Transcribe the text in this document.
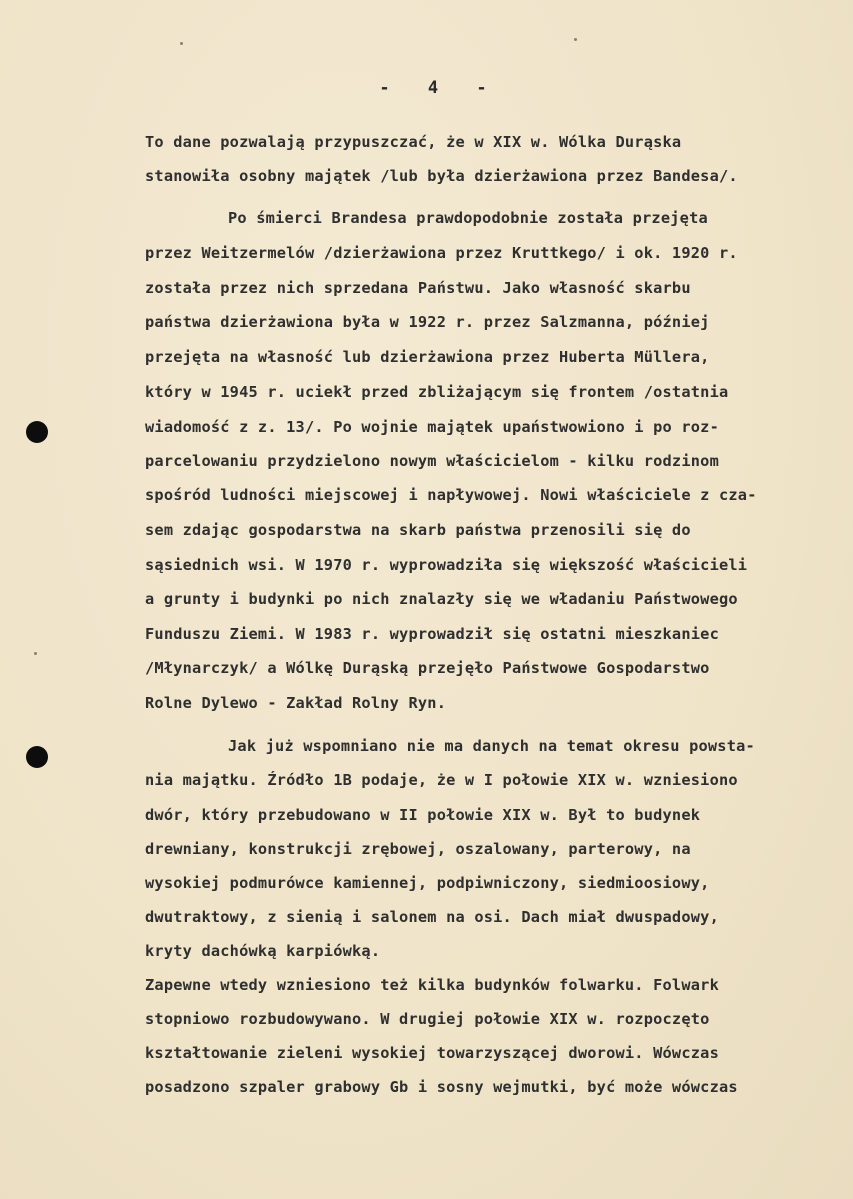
- 4 -
To dane pozwalają przypuszczać, że w XIX w. Wólka Durąska
stanowiła osobny majątek /lub była dzierżawiona przez Bandesa/.
Po śmierci Brandesa prawdopodobnie została przejęta
przez Weitzermelów /dzierżawiona przez Kruttkego/ i ok. 1920 r.
została przez nich sprzedana Państwu. Jako własność skarbu
państwa dzierżawiona była w 1922 r. przez Salzmanna, później
przejęta na własność lub dzierżawiona przez Huberta Müllera,
który w 1945 r. uciekł przed zbliżającym się frontem /ostatnia
wiadomość z z. 13/. Po wojnie majątek upaństwowiono i po roz-
parcelowaniu przydzielono nowym właścicielom - kilku rodzinom
spośród ludności miejscowej i napływowej. Nowi właściciele z cza-
sem zdając gospodarstwa na skarb państwa przenosili się do
sąsiednich wsi. W 1970 r. wyprowadziła się większość właścicieli
a grunty i budynki po nich znalazły się we władaniu Państwowego
Funduszu Ziemi. W 1983 r. wyprowadził się ostatni mieszkaniec
/Młynarczyk/ a Wólkę Durąską przejęło Państwowe Gospodarstwo
Rolne Dylewo - Zakład Rolny Ryn.
Jak już wspomniano nie ma danych na temat okresu powsta-
nia majątku. Źródło 1B podaje, że w I połowie XIX w. wzniesiono
dwór, który przebudowano w II połowie XIX w. Był to budynek
drewniany, konstrukcji zrębowej, oszalowany, parterowy, na
wysokiej podmurówce kamiennej, podpiwniczony, siedmioosiowy,
dwutraktowy, z sienią i salonem na osi. Dach miał dwuspadowy,
kryty dachówką karpiówką.
Zapewne wtedy wzniesiono też kilka budynków folwarku. Folwark
stopniowo rozbudowywano. W drugiej połowie XIX w. rozpoczęto
kształtowanie zieleni wysokiej towarzyszącej dworowi. Wówczas
posadzono szpaler grabowy Gb i sosny wejmutki, być może wówczas
